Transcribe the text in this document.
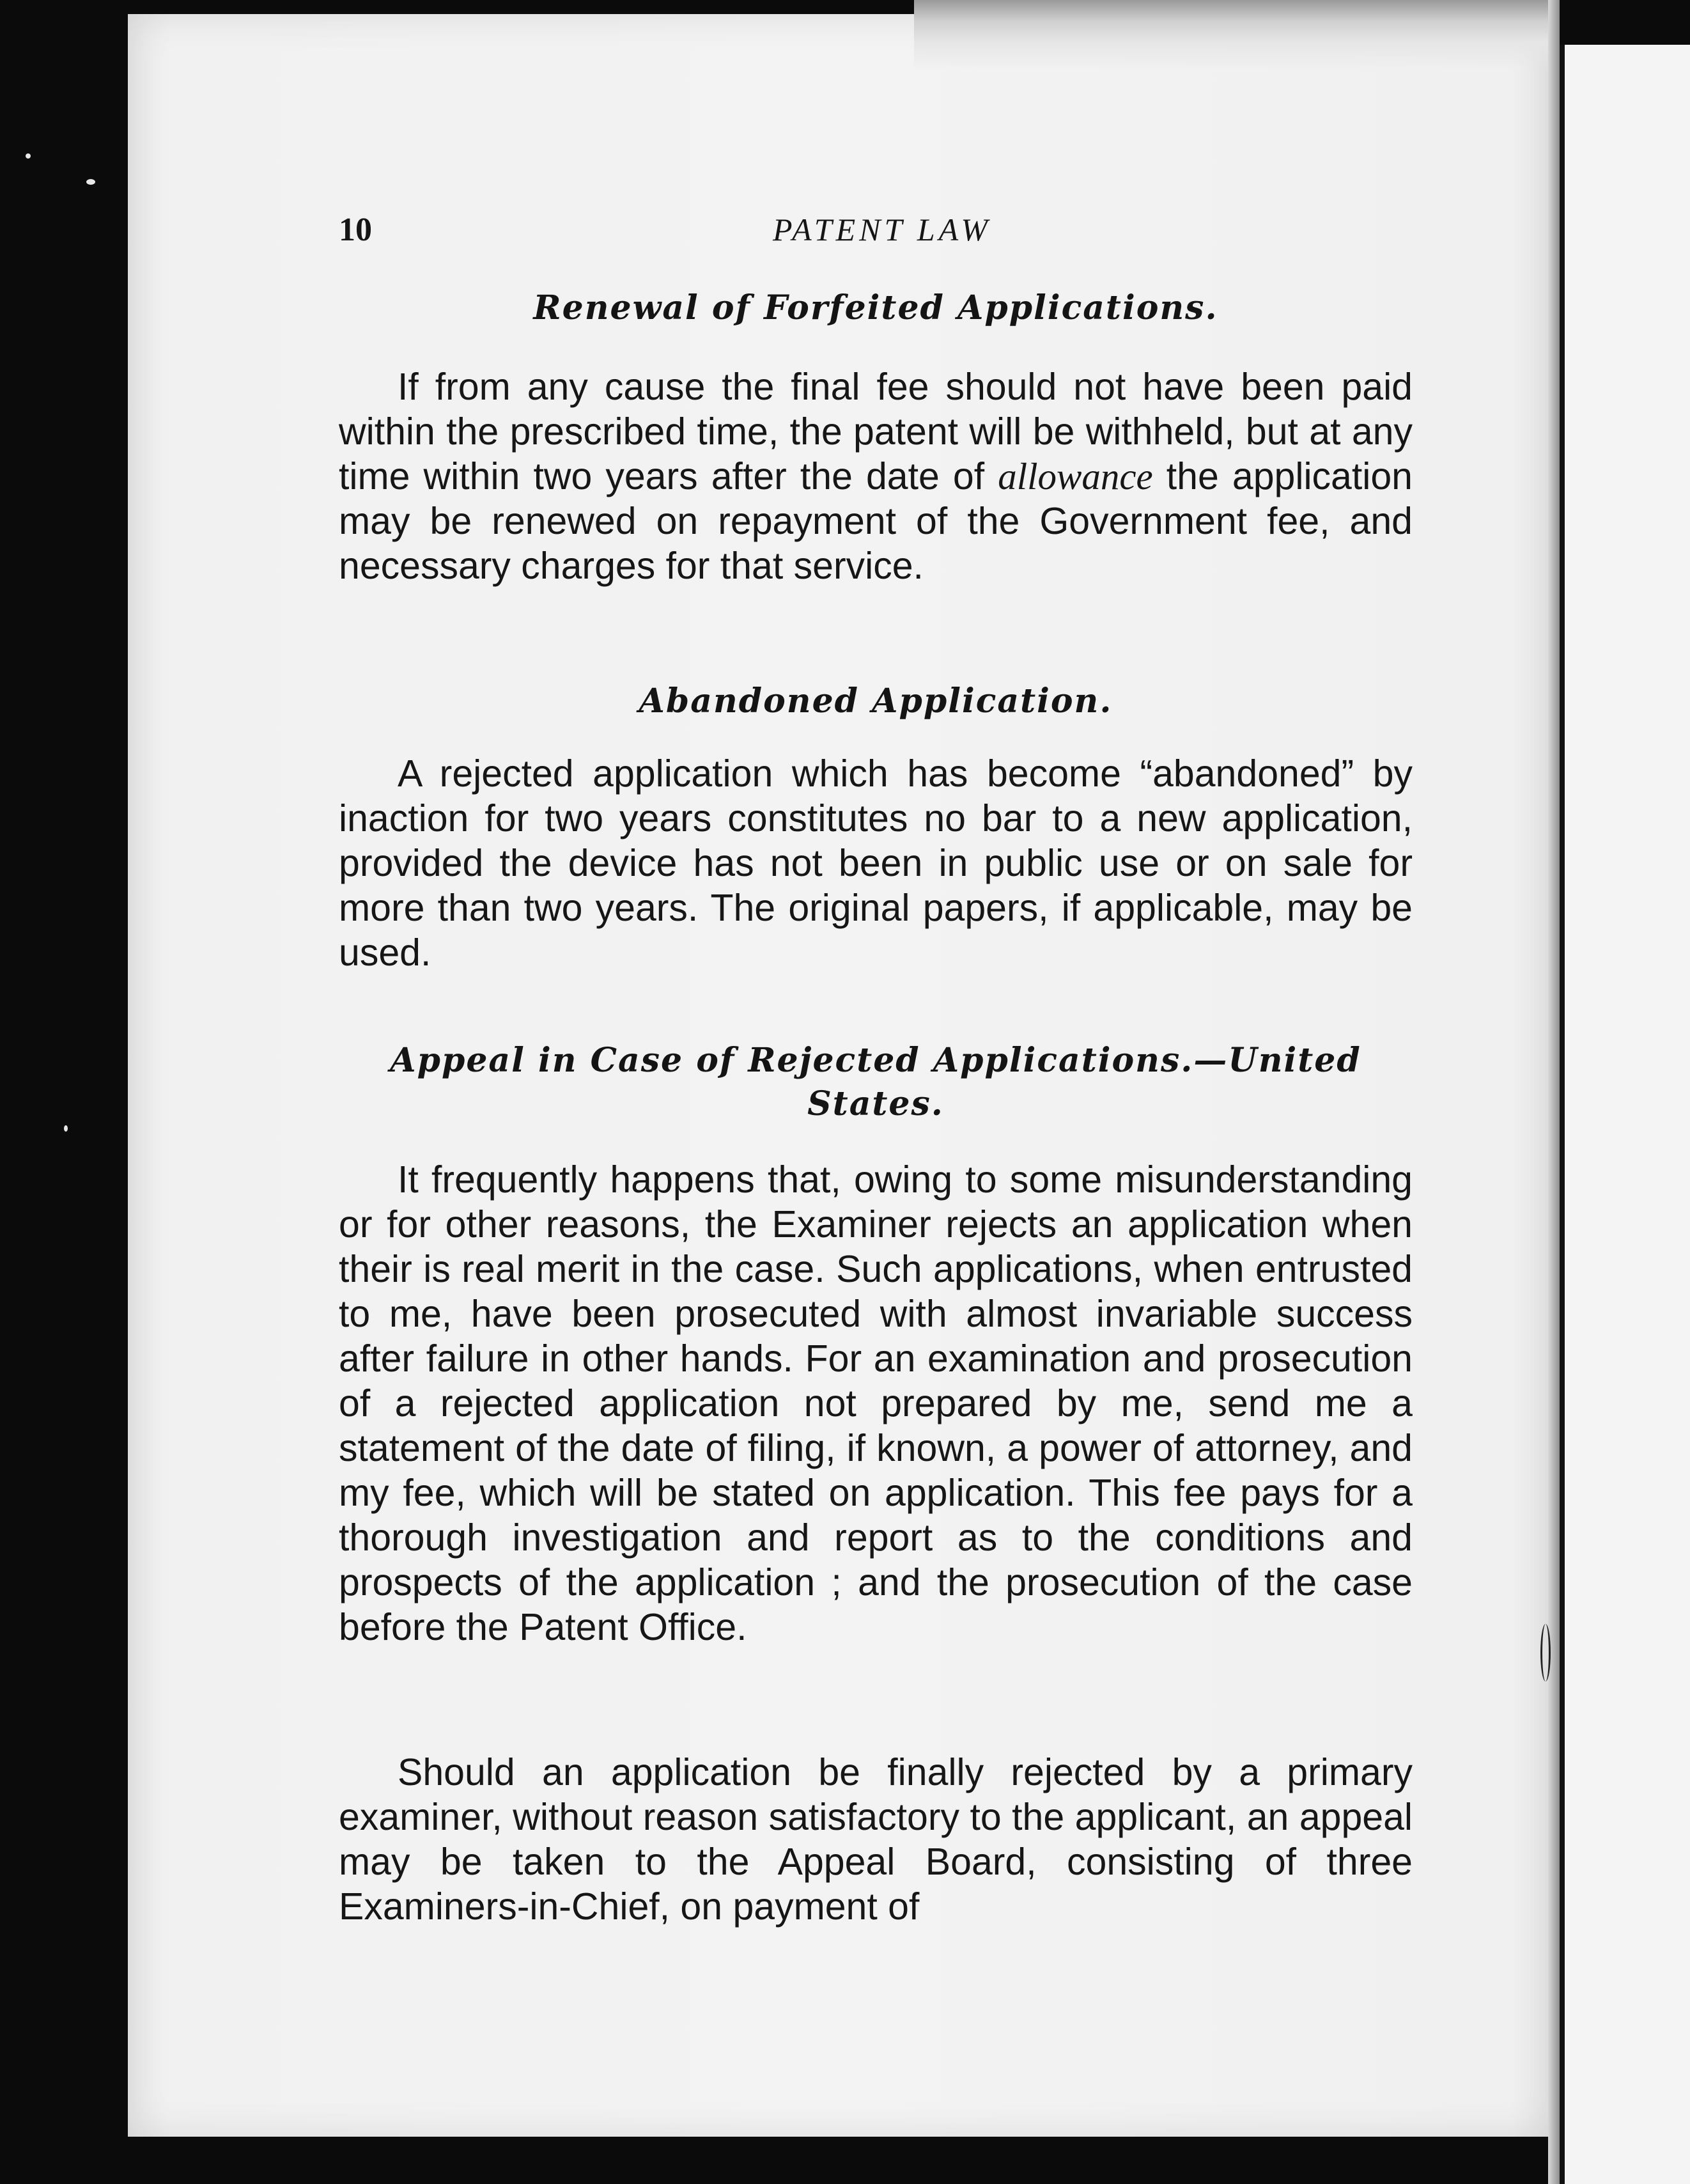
10	PATENT LAW
Renewal of Forfeited Applications.

If from any cause the final fee should not have been paid within the prescribed time, the patent will be withheld, but at any time within two years after the date of allowance the application may be renewed on repayment of the Government fee, and necessary charges for that service.

Abandoned Application.

A rejected application which has become “abandoned” by inaction for two years constitutes no bar to a new application, provided the device has not been in public use or on sale for more than two years. The original papers, if applicable, may be used.

Appeal in Case of Rejected Applications.—United States.

It frequently happens that, owing to some misunderstanding or for other reasons, the Examiner rejects an application when their is real merit in the case. Such applications, when entrusted to me, have been prosecuted with almost invariable success after failure in other hands. For an examination and prosecution of a rejected application not prepared by me, send me a statement of the date of filing, if known, a power of attorney, and my fee, which will be stated on application. This fee pays for a thorough investigation and report as to the conditions and prospects of the application ; and the prosecution of the case before the Patent Office.

Should an application be finally rejected by a primary examiner, without reason satisfactory to the applicant, an appeal may be taken to the Appeal Board, consisting of three Examiners-in-Chief, on payment of
